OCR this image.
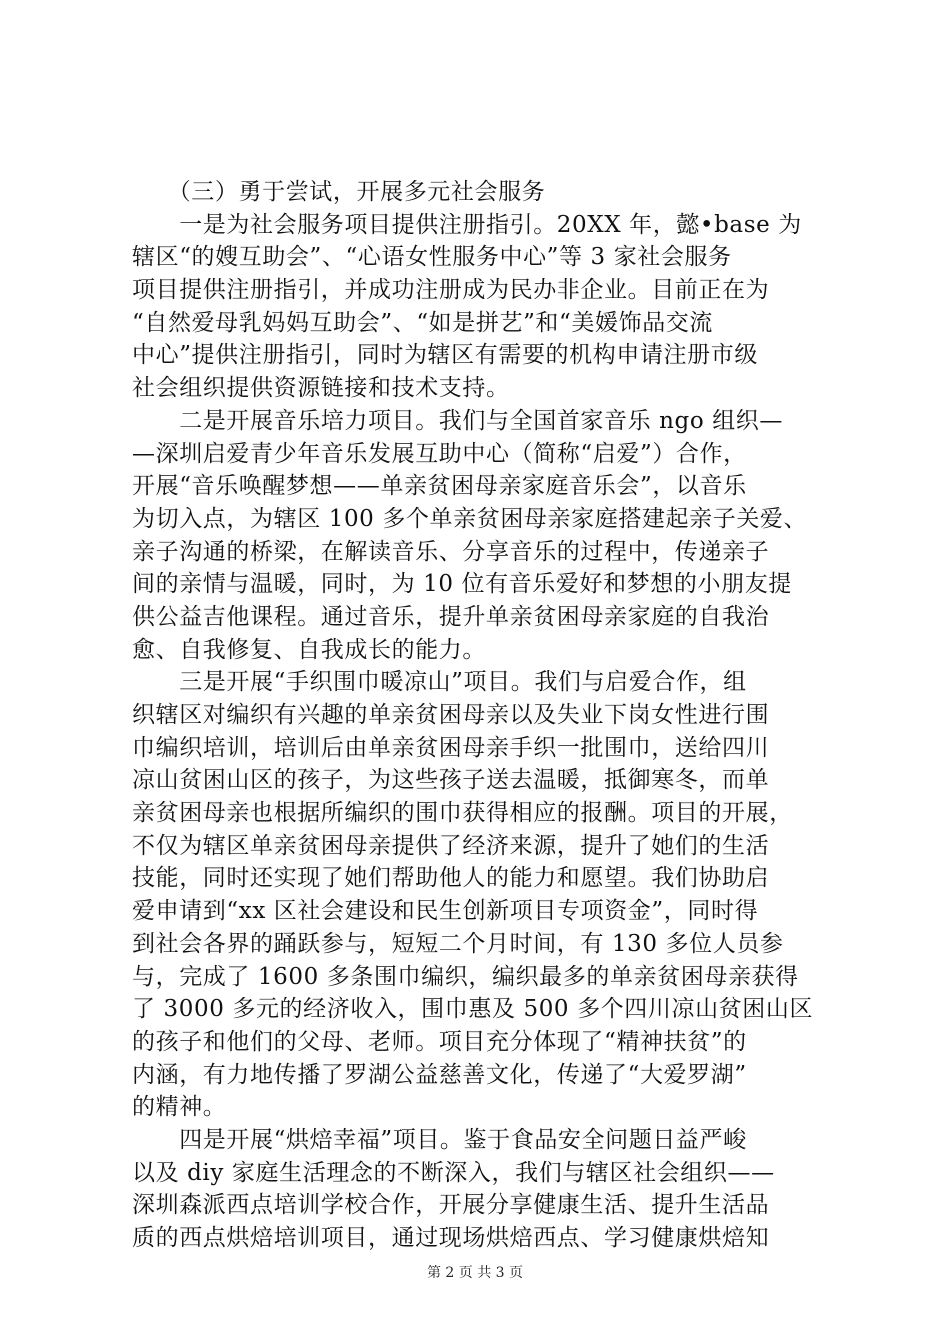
　　（三）勇于尝试，开展多元社会服务
　　一是为社会服务项目提供注册指引。20XX 年，懿•base 为
辖区“的嫂互助会”、“心语女性服务中心”等 3 家社会服务
项目提供注册指引，并成功注册成为民办非企业。目前正在为
“自然爱母乳妈妈互助会”、“如是拼艺”和“美媛饰品交流
中心”提供注册指引，同时为辖区有需要的机构申请注册市级
社会组织提供资源链接和技术支持。
　　二是开展音乐培力项目。我们与全国首家音乐 ngo 组织—
—深圳启爱青少年音乐发展互助中心（简称“启爱”）合作，
开展“音乐唤醒梦想——单亲贫困母亲家庭音乐会”，以音乐
为切入点，为辖区 100 多个单亲贫困母亲家庭搭建起亲子关爱、
亲子沟通的桥梁，在解读音乐、分享音乐的过程中，传递亲子
间的亲情与温暖，同时，为 10 位有音乐爱好和梦想的小朋友提
供公益吉他课程。通过音乐，提升单亲贫困母亲家庭的自我治
愈、自我修复、自我成长的能力。
　　三是开展“手织围巾暖凉山”项目。我们与启爱合作，组
织辖区对编织有兴趣的单亲贫困母亲以及失业下岗女性进行围
巾编织培训，培训后由单亲贫困母亲手织一批围巾，送给四川
凉山贫困山区的孩子，为这些孩子送去温暖，抵御寒冬，而单
亲贫困母亲也根据所编织的围巾获得相应的报酬。项目的开展，
不仅为辖区单亲贫困母亲提供了经济来源，提升了她们的生活
技能，同时还实现了她们帮助他人的能力和愿望。我们协助启
爱申请到“xx 区社会建设和民生创新项目专项资金”，同时得
到社会各界的踊跃参与，短短二个月时间，有 130 多位人员参
与，完成了 1600 多条围巾编织，编织最多的单亲贫困母亲获得
了 3000 多元的经济收入，围巾惠及 500 多个四川凉山贫困山区
的孩子和他们的父母、老师。项目充分体现了“精神扶贫”的
内涵，有力地传播了罗湖公益慈善文化，传递了“大爱罗湖”
的精神。
　　四是开展“烘焙幸福”项目。鉴于食品安全问题日益严峻
以及 diy 家庭生活理念的不断深入，我们与辖区社会组织——
深圳森派西点培训学校合作，开展分享健康生活、提升生活品
质的西点烘焙培训项目，通过现场烘焙西点、学习健康烘焙知
第 2 页 共 3 页
